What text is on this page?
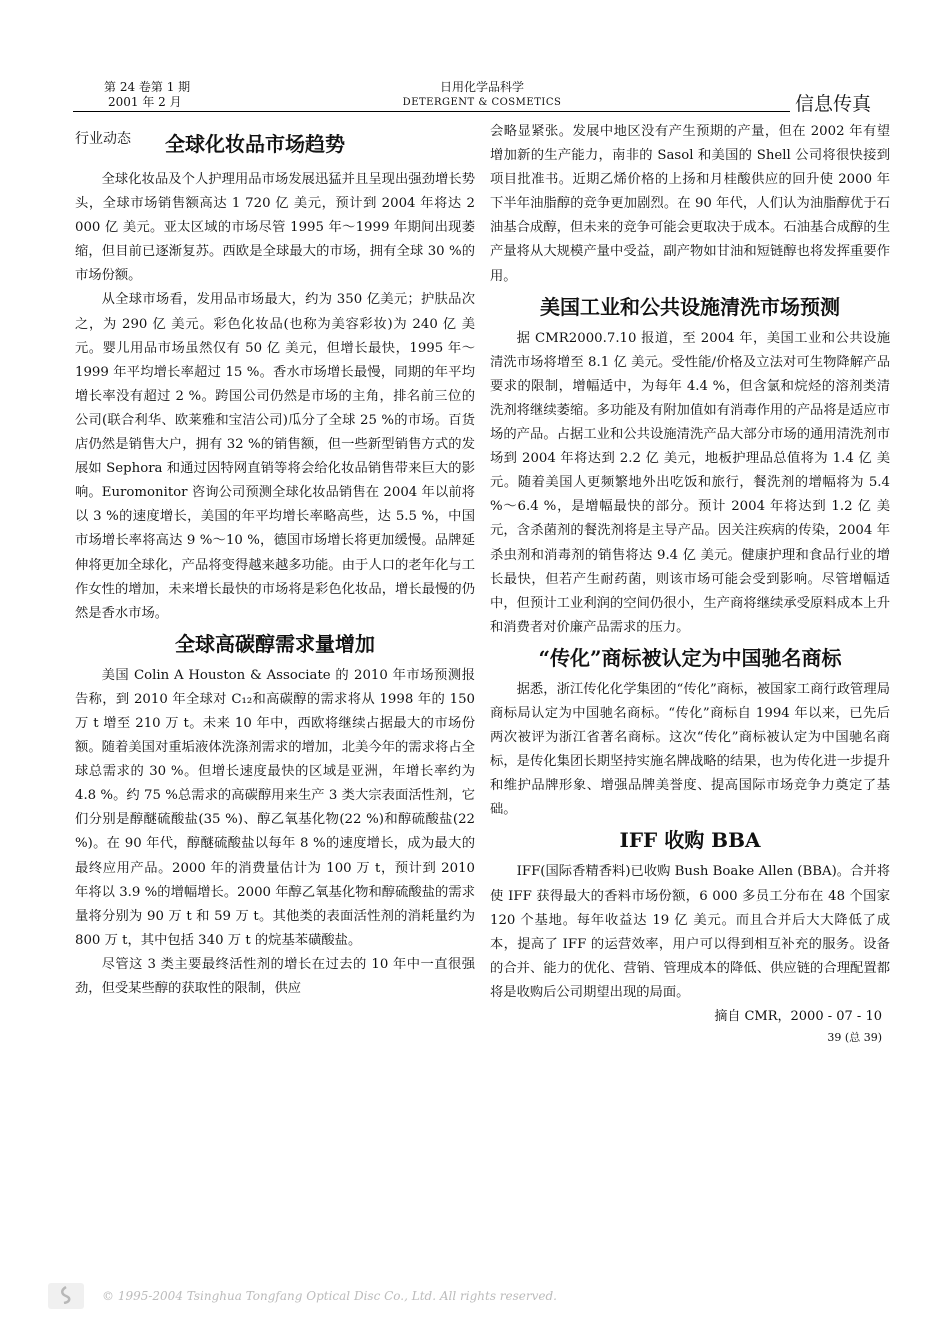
第 24 卷第 1 期
2001 年 2 月
日用化学品科学
DETERGENT & COSMETICS	信息传真
行业动态	全球化妆品市场趋势

全球化妆品及个人护理用品市场发展迅猛并且呈现出强劲增长势头，全球市场销售额高达 1 720 亿 美元，预计到 2004 年将达 2 000 亿 美元。亚太区域的市场尽管 1995 年～1999 年期间出现萎缩，但目前已逐渐复苏。西欧是全球最大的市场，拥有全球 30 %的市场份额。

从全球市场看，发用品市场最大，约为 350 亿美元；护肤品次之，为 290 亿 美元。彩色化妆品(也称为美容彩妆)为 240 亿 美元。婴儿用品市场虽然仅有 50 亿 美元，但增长最快，1995 年～1999 年平均增长率超过 15 %。香水市场增长最慢，同期的年平均增长率没有超过 2 %。跨国公司仍然是市场的主角，排名前三位的公司(联合利华、欧莱雅和宝洁公司)瓜分了全球 25 %的市场。百货店仍然是销售大户，拥有 32 %的销售额，但一些新型销售方式的发展如 Sephora 和通过因特网直销等将会给化妆品销售带来巨大的影响。Euromonitor 咨询公司预测全球化妆品销售在 2004 年以前将以 3 %的速度增长，美国的年平均增长率略高些，达 5.5 %，中国市场增长率将高达 9 %～10 %，德国市场增长将更加缓慢。品牌延伸将更加全球化，产品将变得越来越多功能。由于人口的老年化与工作女性的增加，未来增长最快的市场将是彩色化妆品，增长最慢的仍然是香水市场。

全球高碳醇需求量增加

美国 Colin A Houston & Associate 的 2010 年市场预测报告称，到 2010 年全球对 C₁₂和高碳醇的需求将从 1998 年的 150 万 t 增至 210 万 t。未来 10 年中，西欧将继续占据最大的市场份额。随着美国对重垢液体洗涤剂需求的增加，北美今年的需求将占全球总需求的 30 %。但增长速度最快的区域是亚洲，年增长率约为 4.8 %。约 75 %总需求的高碳醇用来生产 3 类大宗表面活性剂，它们分别是醇醚硫酸盐(35 %)、醇乙氧基化物(22 %)和醇硫酸盐(22 %)。在 90 年代，醇醚硫酸盐以每年 8 %的速度增长，成为最大的最终应用产品。2000 年的消费量估计为 100 万 t，预计到 2010 年将以 3.9 %的增幅增长。2000 年醇乙氧基化物和醇硫酸盐的需求量将分别为 90 万 t 和 59 万 t。其他类的表面活性剂的消耗量约为 800 万 t，其中包括 340 万 t 的烷基苯磺酸盐。

尽管这 3 类主要最终活性剂的增长在过去的 10 年中一直很强劲，但受某些醇的获取性的限制，供应

会略显紧张。发展中地区没有产生预期的产量，但在 2002 年有望增加新的生产能力，南非的 Sasol 和美国的 Shell 公司将很快接到项目批准书。近期乙烯价格的上扬和月桂酸供应的回升使 2000 年下半年油脂醇的竞争更加剧烈。在 90 年代，人们认为油脂醇优于石油基合成醇，但未来的竞争可能会更取决于成本。石油基合成醇的生产量将从大规模产量中受益，副产物如甘油和短链醇也将发挥重要作用。

美国工业和公共设施清洗市场预测

据 CMR2000.7.10 报道，至 2004 年，美国工业和公共设施清洗市场将增至 8.1 亿 美元。受性能/价格及立法对可生物降解产品要求的限制，增幅适中，为每年 4.4 %，但含氯和烷烃的溶剂类清洗剂将继续萎缩。多功能及有附加值如有消毒作用的产品将是适应市场的产品。占据工业和公共设施清洗产品大部分市场的通用清洗剂市场到 2004 年将达到 2.2 亿 美元，地板护理品总值将为 1.4 亿 美元。随着美国人更频繁地外出吃饭和旅行，餐洗剂的增幅将为 5.4 %～6.4 %，是增幅最快的部分。预计 2004 年将达到 1.2 亿 美元，含杀菌剂的餐洗剂将是主导产品。因关注疾病的传染，2004 年杀虫剂和消毒剂的销售将达 9.4 亿 美元。健康护理和食品行业的增长最快，但若产生耐药菌，则该市场可能会受到影响。尽管增幅适中，但预计工业利润的空间仍很小，生产商将继续承受原料成本上升和消费者对价廉产品需求的压力。

“传化”商标被认定为中国驰名商标

据悉，浙江传化化学集团的“传化”商标，被国家工商行政管理局商标局认定为中国驰名商标。“传化”商标自 1994 年以来，已先后两次被评为浙江省著名商标。这次“传化”商标被认定为中国驰名商标，是传化集团长期坚持实施名牌战略的结果，也为传化进一步提升和维护品牌形象、增强品牌美誉度、提高国际市场竞争力奠定了基础。

IFF 收购 BBA

IFF(国际香精香料)已收购 Bush Boake Allen (BBA)。合并将使 IFF 获得最大的香料市场份额，6 000 多员工分布在 48 个国家 120 个基地。每年收益达 19 亿 美元。而且合并后大大降低了成本，提高了 IFF 的运营效率，用户可以得到相互补充的服务。设备的合并、能力的优化、营销、管理成本的降低、供应链的合理配置都将是收购后公司期望出现的局面。

摘自 CMR，2000 - 07 - 10

39 (总 39)

© 1995-2004 Tsinghua Tongfang Optical Disc Co., Ltd. All rights reserved.
